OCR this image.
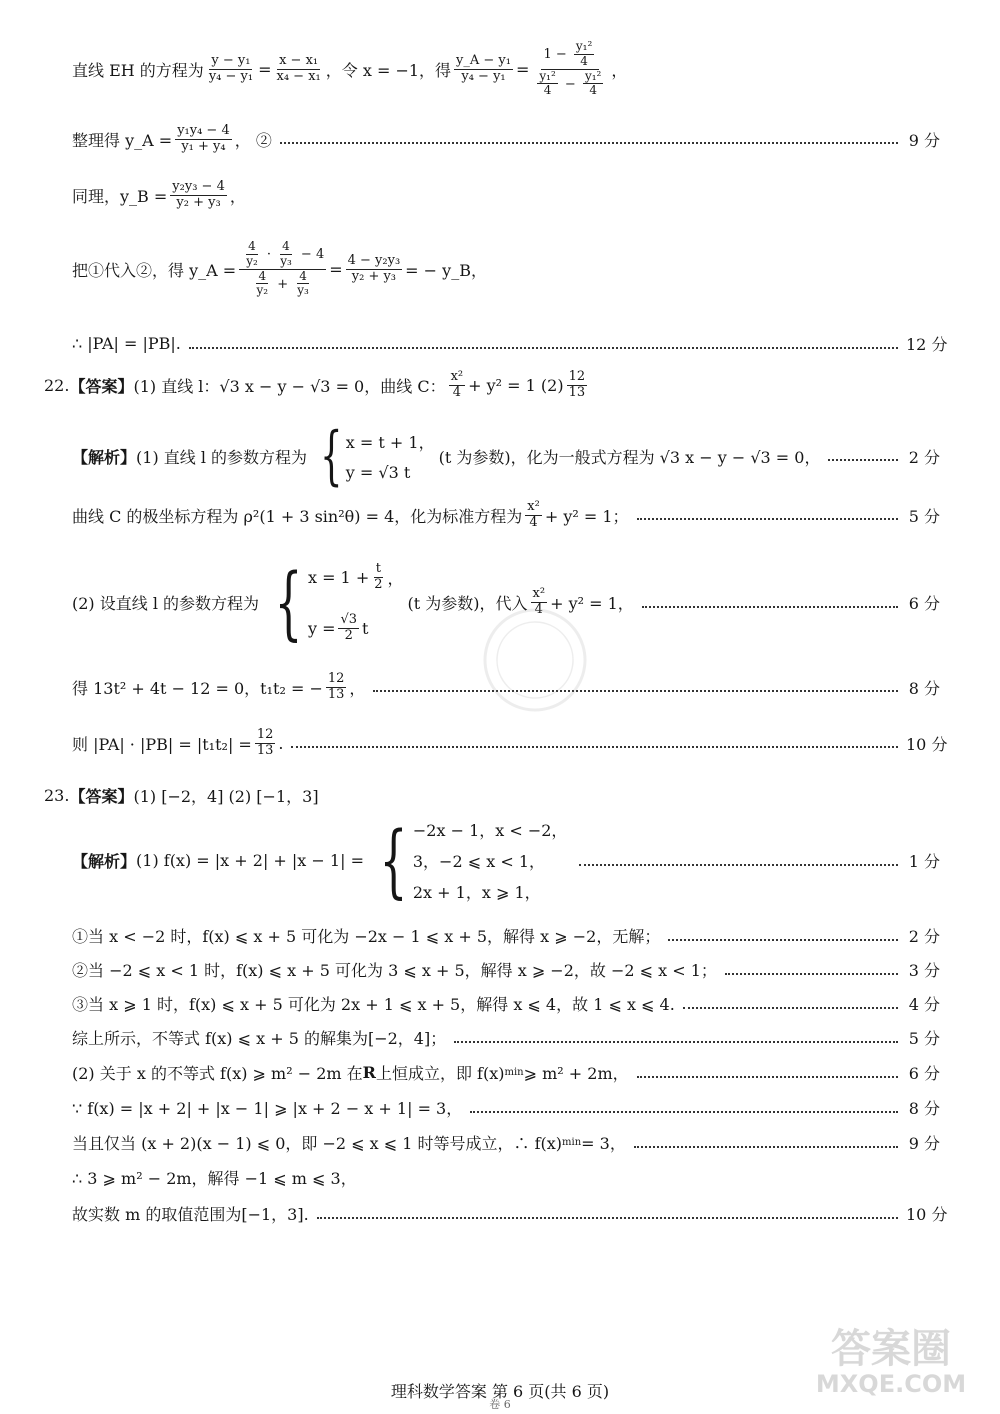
直线 EH 的方程为 $\frac{\text{y − y₁}}{\text{y₄ − y₁}} = \frac{\text{x − x₁}}{\text{x₄ − x₁}}$ ，令 x = −1，得 $\frac{\text{y\_A − y₁}}{\text{y₄ − y₁}} = \frac{1 - \frac{\text{y₁²}}{4}}{\frac{\text{y₁²}}{4} - \frac{\text{y₁²}}{4}}$ ，
整理得 y_A = $\frac{\text{y₁y₄ − 4}}{\text{y₁ + y₄}}$ ， ②	9 分
同理，y_B = $\frac{\text{y₂y₃ − 4}}{\text{y₂ + y₃}}$ ，
把①代入②，得 y_A = $\frac{\frac{4}{\text{y₂}} \cdot \frac{4}{\text{y₃}} - 4}{\frac{4}{\text{y₂}} + \frac{4}{\text{y₃}}} = \frac{\text{4 − y₂y₃}}{\text{y₂ + y₃}}$ = − y_B，
∴ |PA| = |PB|.	12 分
22. 【答案】 (1) 直线 l：√3 x − y − √3 = 0，曲线 C： $\frac{\text{x²}}{4} + y^2 = 1$ $(2) \frac{12}{13}$
【解析】 (1) 直线 l 的参数方程为 { x = t + 1，
y = √3 t
(t 为参数)，化为一般式方程为 √3 x − y − √3 = 0，	2 分
曲线 C 的极坐标方程为 ρ²(1 + 3 sin²θ) = 4，化为标准方程为 $\frac{\text{x²}}{4} + y^2 = 1$；	5 分
(2) 设直线 l 的参数方程为 { $x = 1 + \frac{t}{2}$ ，
$y = \frac{√3}{2}$ t
(t 为参数)，代入 $\frac{\text{x²}}{4} + y^2 = 1$，	6 分
得 13t² + 4t − 12 = 0，t₁t₂ = − $\frac{12}{13}$ ，	8 分
则 $|PA| \cdot |PB| = |t_1t_2| = \frac{12}{13}$ .	10 分
23. 【答案】 (1) [−2，4] (2) [−1，3]
【解析】 (1) f(x) = |x + 2| + |x − 1| = { −2x − 1，x < −2，
3，−2 ⩽ x < 1，
2x + 1，x ⩾ 1，
1 分
①当 x < −2 时，f(x) ⩽ x + 5 可化为 −2x − 1 ⩽ x + 5，解得 x ⩾ −2，无解；	2 分
②当 −2 ⩽ x < 1 时，f(x) ⩽ x + 5 可化为 3 ⩽ x + 5，解得 x ⩾ −2，故 −2 ⩽ x < 1；	3 分
③当 x ⩾ 1 时，f(x) ⩽ x + 5 可化为 2x + 1 ⩽ x + 5，解得 x ⩽ 4，故 1 ⩽ x ⩽ 4.	4 分
综上所示，不等式 f(x) ⩽ x + 5 的解集为[−2，4]；	5 分
(2) 关于 x 的不等式 f(x) ⩾ m² − 2m 在 R 上恒成立，即 f(x) min ⩾ m² + 2m，	6 分
∵ f(x) = |x + 2| + |x − 1| ⩾ |x + 2 − x + 1| = 3，	8 分
当且仅当 (x + 2)(x − 1) ⩽ 0，即 −2 ⩽ x ⩽ 1 时等号成立，∴ f(x) min = 3，	9 分
∴ 3 ⩾ m² − 2m，解得 −1 ⩽ m ⩽ 3，
故实数 m 的取值范围为[−1，3].	10 分
答案圈
MXQE.COM
理科数学答案 第 6 页(共 6 页)
卷 6
